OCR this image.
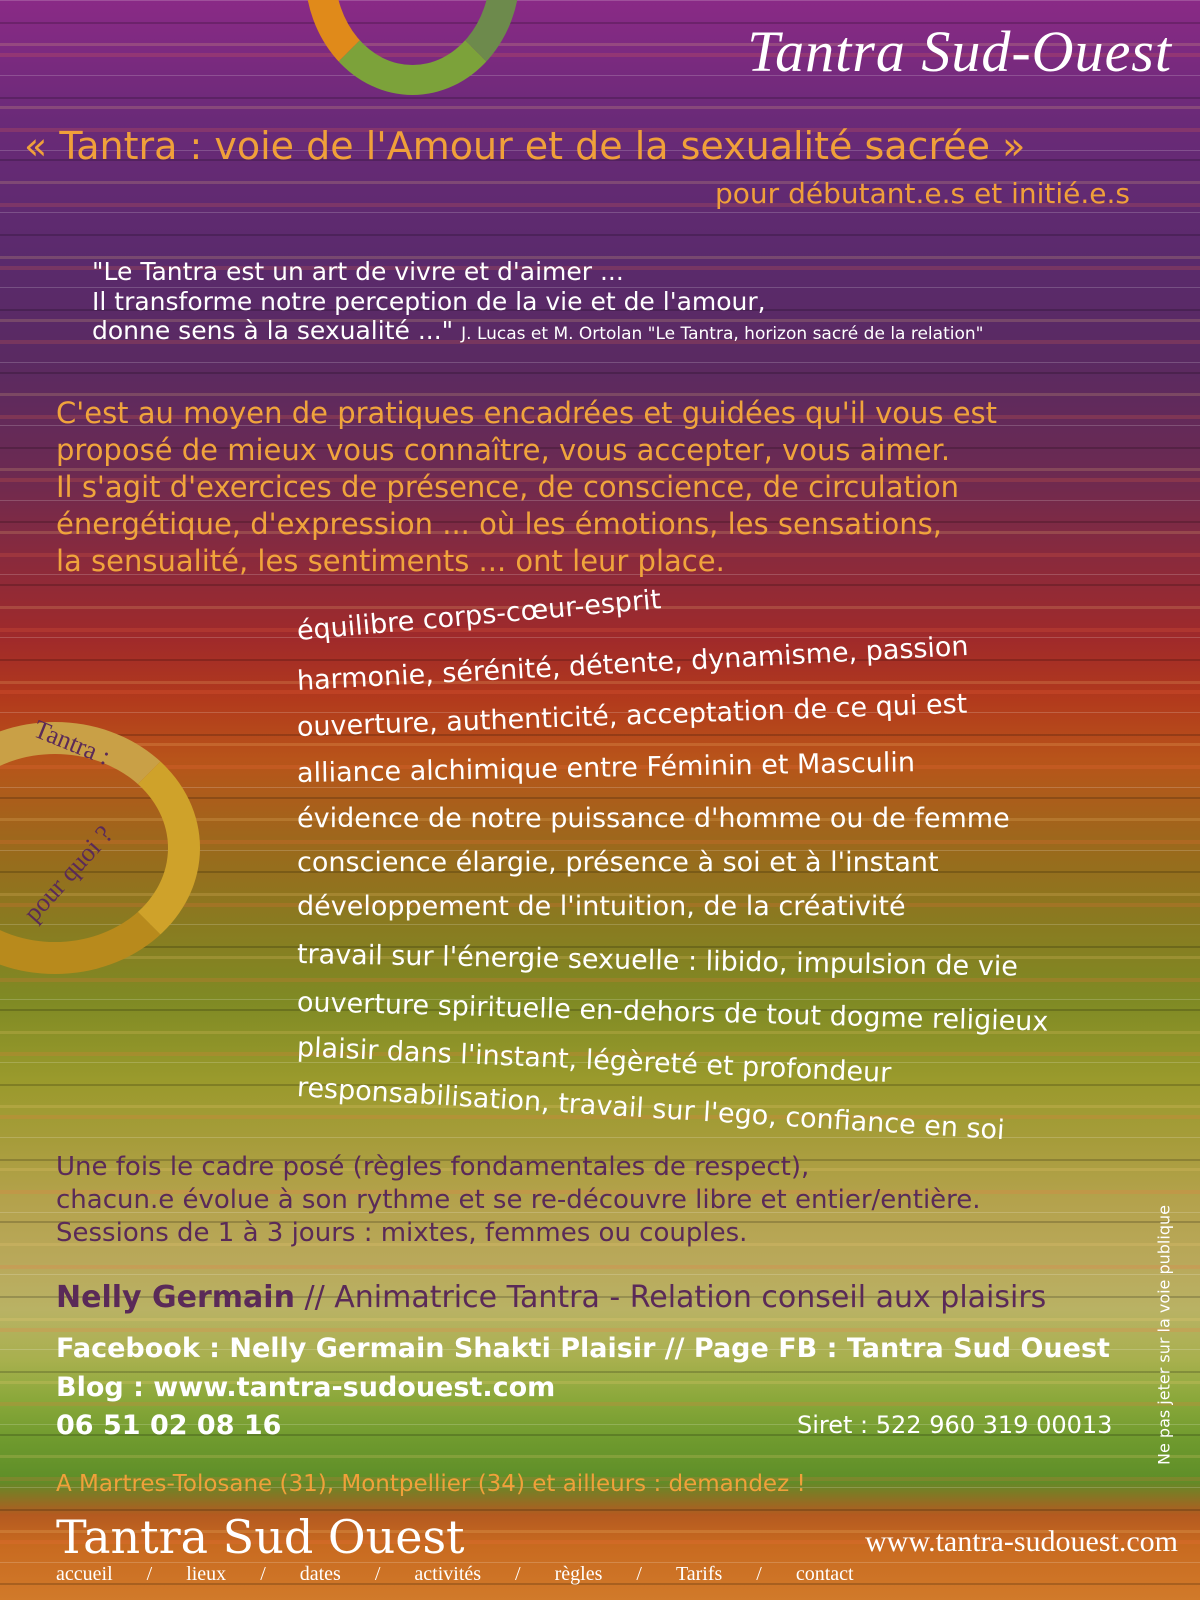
Tantra :
pour quoi ?
Tantra Sud-Ouest
« Tantra : voie de l'Amour et de la sexualité sacrée »
pour débutant.e.s et initié.e.s
"Le Tantra est un art de vivre et d'aimer ...
Il transforme notre perception de la vie et de l'amour,
donne sens à la sexualité ..." J. Lucas et M. Ortolan "Le Tantra, horizon sacré de la relation"
C'est au moyen de pratiques encadrées et guidées qu'il vous est
proposé de mieux vous connaître, vous accepter, vous aimer.
Il s'agit d'exercices de présence, de conscience, de circulation
énergétique, d'expression ... où les émotions, les sensations,
la sensualité, les sentiments ... ont leur place.
équilibre corps-cœur-esprit
harmonie, sérénité, détente, dynamisme, passion
ouverture, authenticité, acceptation de ce qui est
alliance alchimique entre Féminin et Masculin
évidence de notre puissance d'homme ou de femme
conscience élargie, présence à soi et à l'instant
développement de l'intuition, de la créativité
travail sur l'énergie sexuelle : libido, impulsion de vie
ouverture spirituelle en-dehors de tout dogme religieux
plaisir dans l'instant, légèreté et profondeur
responsabilisation, travail sur l'ego, confiance en soi
Une fois le cadre posé (règles fondamentales de respect),
chacun.e évolue à son rythme et se re-découvre libre et entier/entière.
Sessions de 1 à 3 jours : mixtes, femmes ou couples.
Nelly Germain // Animatrice Tantra - Relation conseil aux plaisirs
Facebook : Nelly Germain Shakti Plaisir // Page FB : Tantra Sud Ouest
Blog : www.tantra-sudouest.com
06 51 02 08 16	Siret : 522 960 319 00013
A Martres-Tolosane (31), Montpellier (34) et ailleurs : demandez !
Ne pas jeter sur la voie publique
Tantra Sud Ouest	www.tantra-sudouest.com
accueil / lieux / dates / activités / règles / Tarifs / contact
